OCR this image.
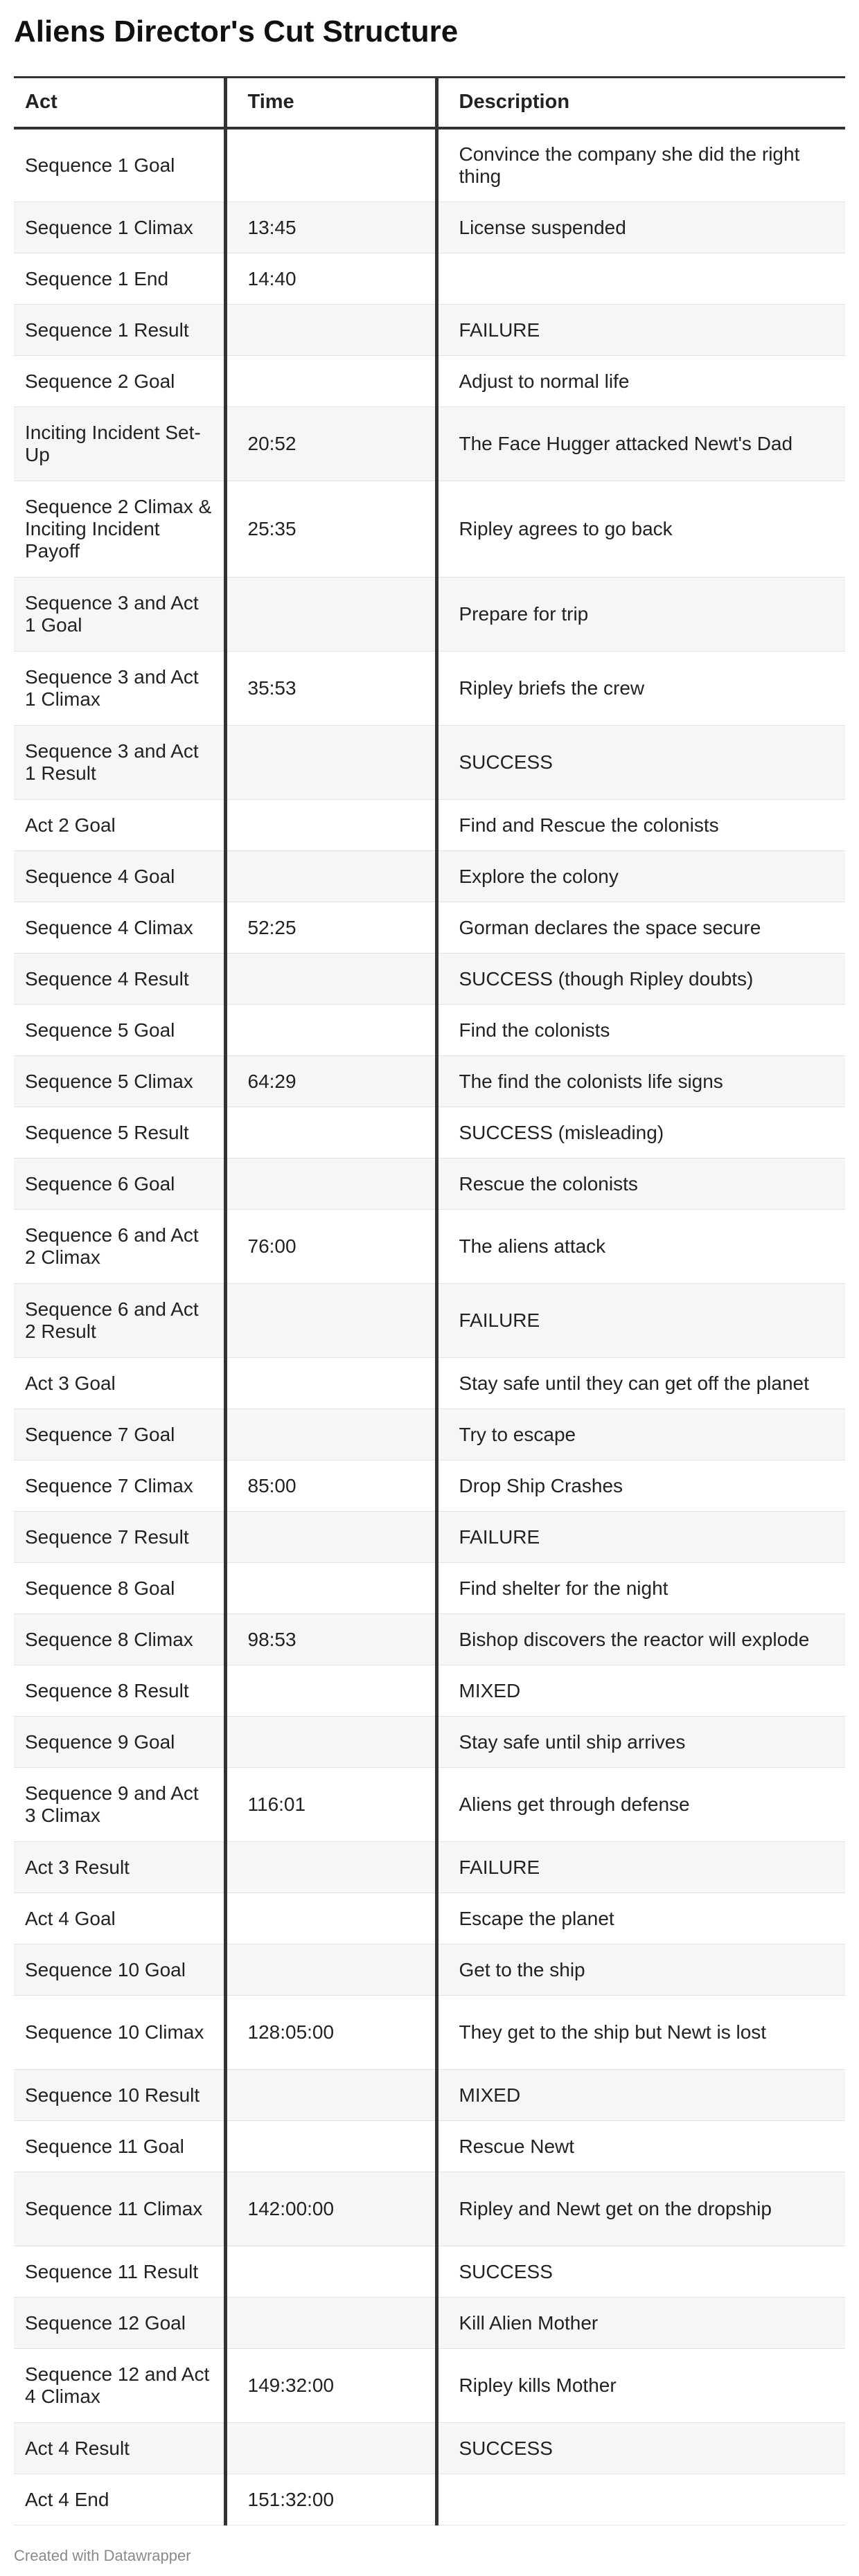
Aliens Director's Cut Structure
Act	Time	Description
Sequence 1 Goal		Convince the company she did the right thing
Sequence 1 Climax	13:45	License suspended
Sequence 1 End	14:40	
Sequence 1 Result		FAILURE
Sequence 2 Goal		Adjust to normal life
Inciting Incident Set-Up	20:52	The Face Hugger attacked Newt's Dad
Sequence 2 Climax & Inciting Incident Payoff	25:35	Ripley agrees to go back
Sequence 3 and Act 1 Goal		Prepare for trip
Sequence 3 and Act 1 Climax	35:53	Ripley briefs the crew
Sequence 3 and Act 1 Result		SUCCESS
Act 2 Goal		Find and Rescue the colonists
Sequence 4 Goal		Explore the colony
Sequence 4 Climax	52:25	Gorman declares the space secure
Sequence 4 Result		SUCCESS (though Ripley doubts)
Sequence 5 Goal		Find the colonists
Sequence 5 Climax	64:29	The find the colonists life signs
Sequence 5 Result		SUCCESS (misleading)
Sequence 6 Goal		Rescue the colonists
Sequence 6 and Act 2 Climax	76:00	The aliens attack
Sequence 6 and Act 2 Result		FAILURE
Act 3 Goal		Stay safe until they can get off the planet
Sequence 7 Goal		Try to escape
Sequence 7 Climax	85:00	Drop Ship Crashes
Sequence 7 Result		FAILURE
Sequence 8 Goal		Find shelter for the night
Sequence 8 Climax	98:53	Bishop discovers the reactor will explode
Sequence 8 Result		MIXED
Sequence 9 Goal		Stay safe until ship arrives
Sequence 9 and Act 3 Climax	116:01	Aliens get through defense
Act 3 Result		FAILURE
Act 4 Goal		Escape the planet
Sequence 10 Goal		Get to the ship
Sequence 10 Climax	128:05:00	They get to the ship but Newt is lost
Sequence 10 Result		MIXED
Sequence 11 Goal		Rescue Newt
Sequence 11 Climax	142:00:00	Ripley and Newt get on the dropship
Sequence 11 Result		SUCCESS
Sequence 12 Goal		Kill Alien Mother
Sequence 12 and Act 4 Climax	149:32:00	Ripley kills Mother
Act 4 Result		SUCCESS
Act 4 End	151:32:00	
Created with Datawrapper
